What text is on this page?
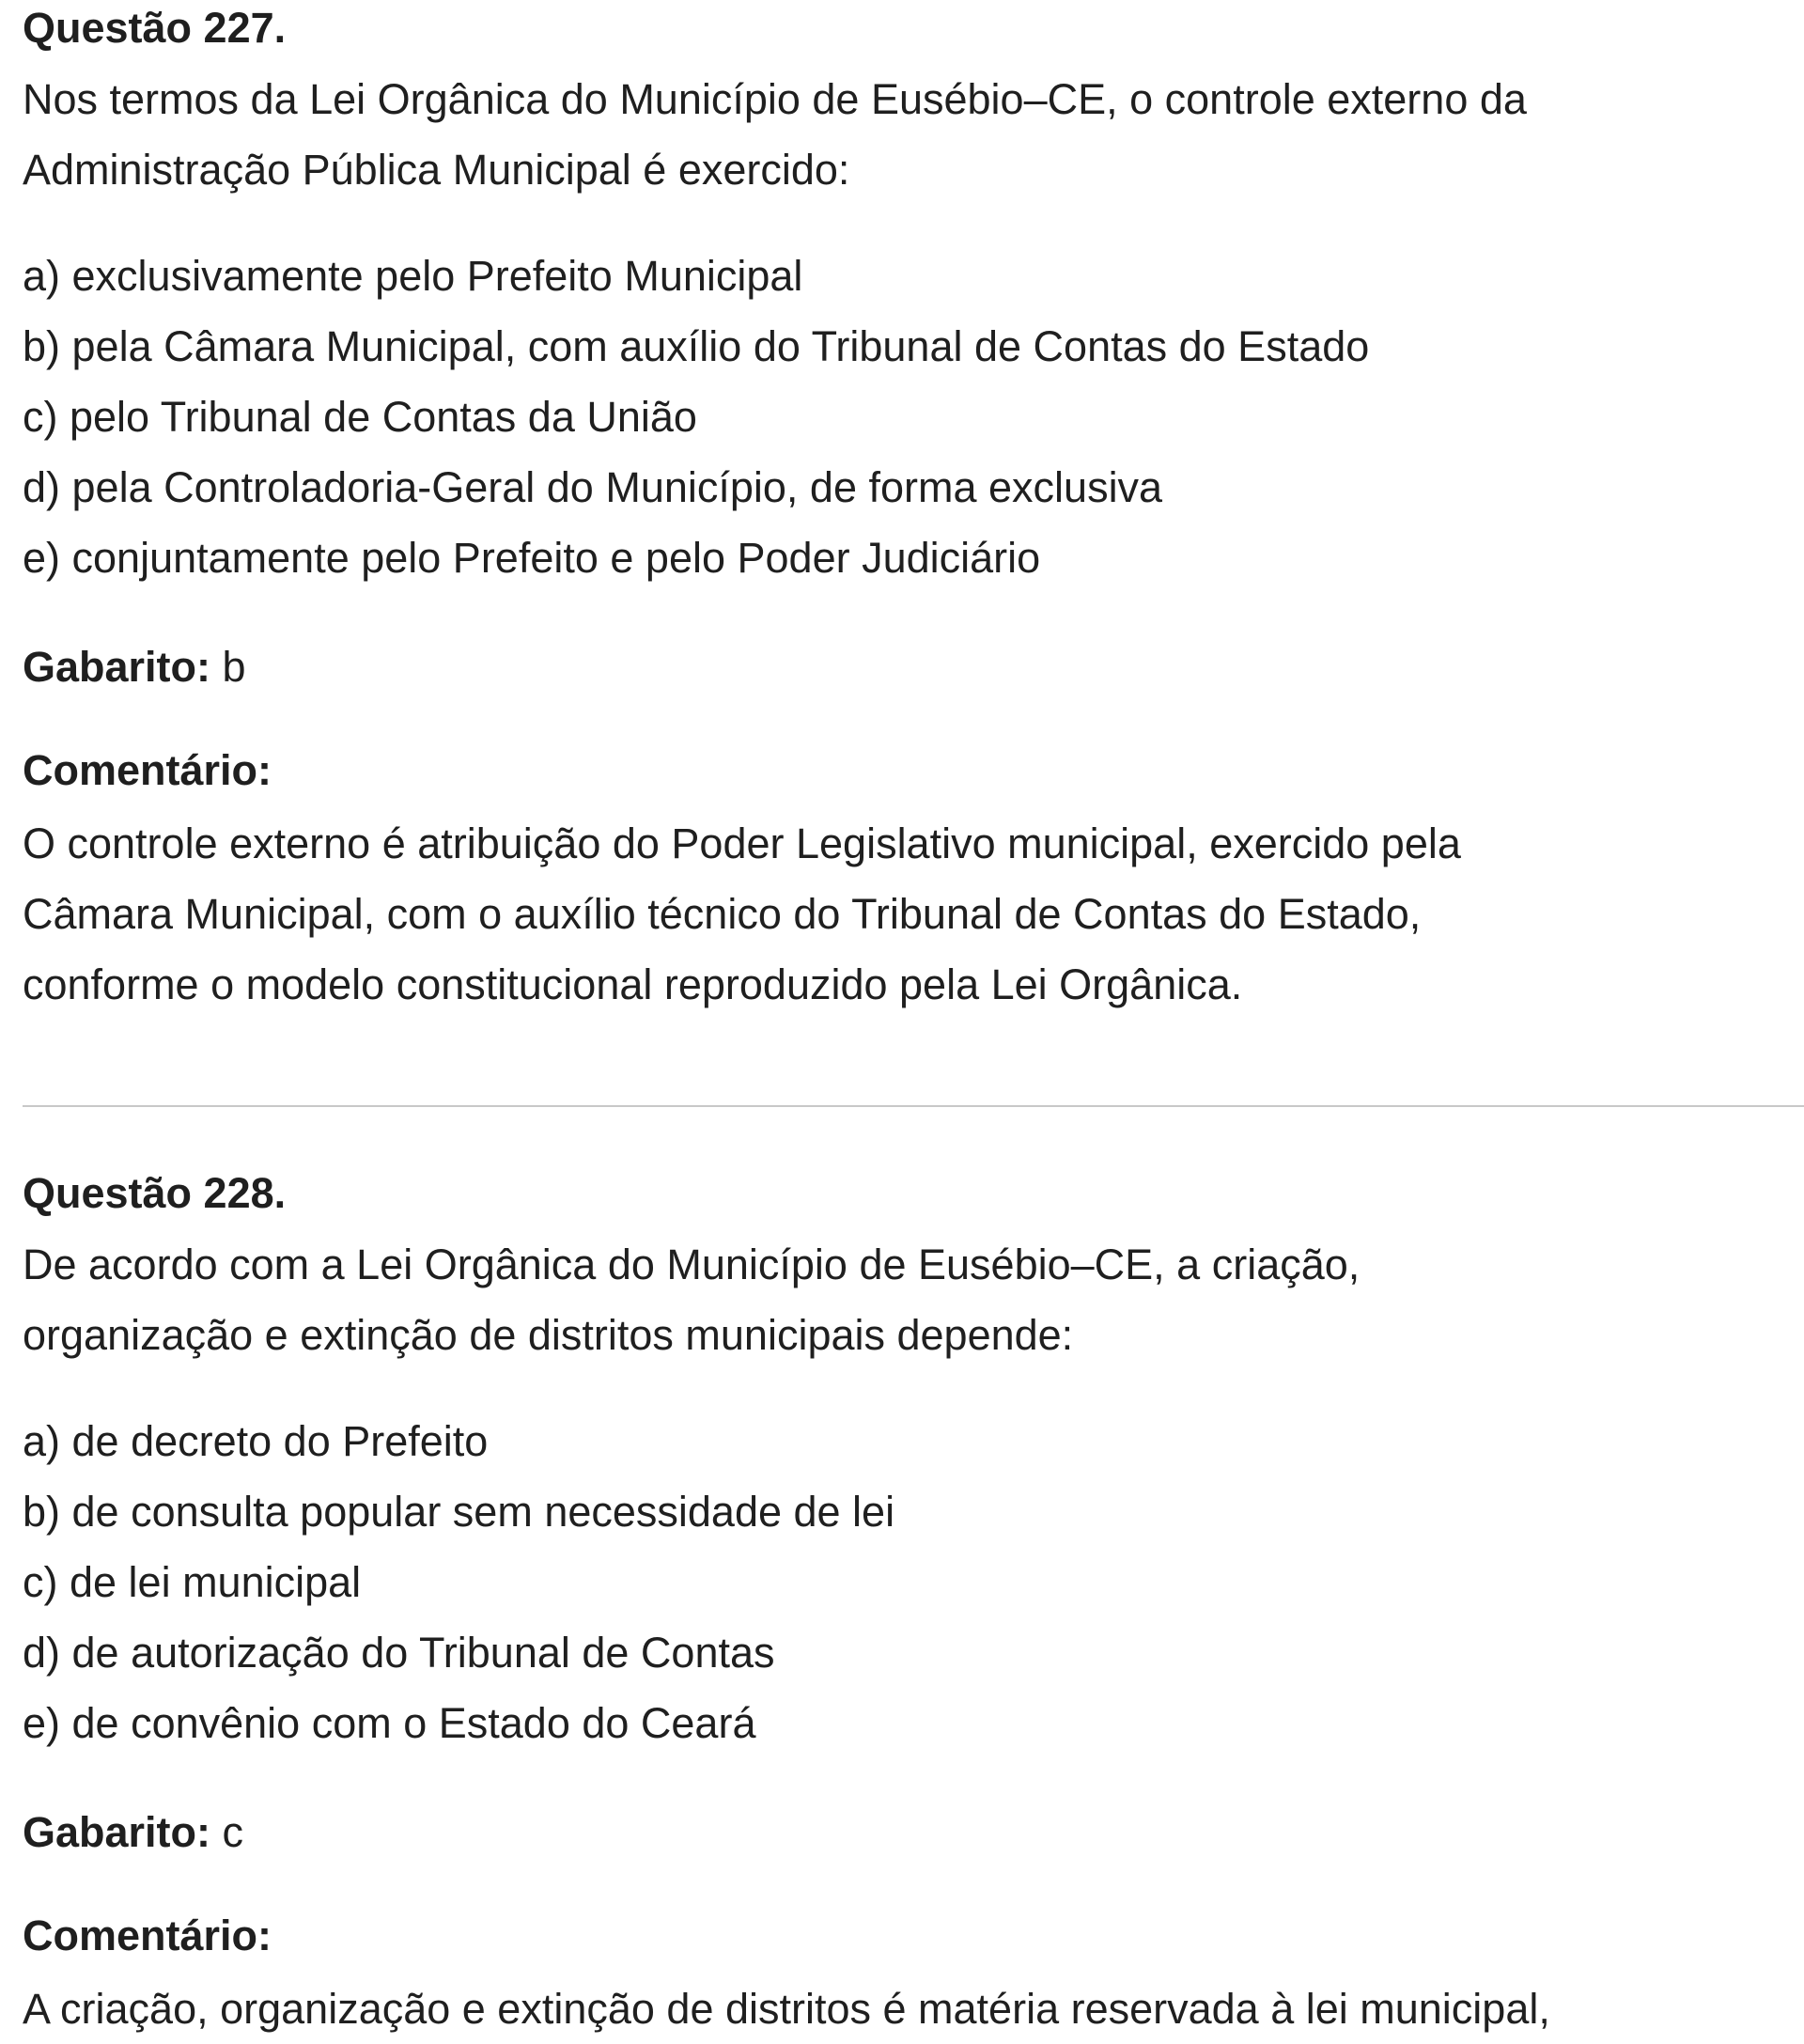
Questão 227.

Nos termos da Lei Orgânica do Município de Eusébio–CE, o controle externo da

Administração Pública Municipal é exercido:

a) exclusivamente pelo Prefeito Municipal
b) pela Câmara Municipal, com auxílio do Tribunal de Contas do Estado
c) pelo Tribunal de Contas da União
d) pela Controladoria-Geral do Município, de forma exclusiva
e) conjuntamente pelo Prefeito e pelo Poder Judiciário

Gabarito: b

Comentário:

O controle externo é atribuição do Poder Legislativo municipal, exercido pela

Câmara Municipal, com o auxílio técnico do Tribunal de Contas do Estado,

conforme o modelo constitucional reproduzido pela Lei Orgânica.

Questão 228.

De acordo com a Lei Orgânica do Município de Eusébio–CE, a criação,

organização e extinção de distritos municipais depende:

a) de decreto do Prefeito
b) de consulta popular sem necessidade de lei
c) de lei municipal
d) de autorização do Tribunal de Contas
e) de convênio com o Estado do Ceará

Gabarito: c

Comentário:

A criação, organização e extinção de distritos é matéria reservada à lei municipal,
